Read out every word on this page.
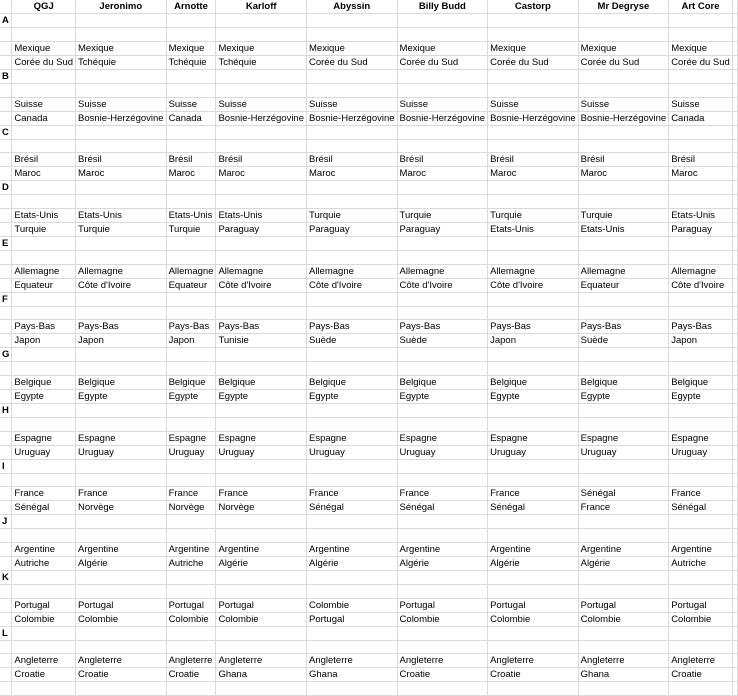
	QGJ	Jeronimo	Arnotte	Karloff	Abyssin	Billy Budd	Castorp	Mr Degryse	Art Core	
A										

	Mexique	Mexique	Mexique	Mexique	Mexique	Mexique	Mexique	Mexique	Mexique	
	Corée du Sud	Tchéquie	Tchéquie	Tchéquie	Corée du Sud	Corée du Sud	Corée du Sud	Corée du Sud	Corée du Sud	
B										

	Suisse	Suisse	Suisse	Suisse	Suisse	Suisse	Suisse	Suisse	Suisse	
	Canada	Bosnie-Herzégovine	Canada	Bosnie-Herzégovine	Bosnie-Herzégovine	Bosnie-Herzégovine	Bosnie-Herzégovine	Bosnie-Herzégovine	Canada	
C										

	Brésil	Brésil	Brésil	Brésil	Brésil	Brésil	Brésil	Brésil	Brésil	
	Maroc	Maroc	Maroc	Maroc	Maroc	Maroc	Maroc	Maroc	Maroc	
D										

	Etats-Unis	Etats-Unis	Etats-Unis	Etats-Unis	Turquie	Turquie	Turquie	Turquie	Etats-Unis	
	Turquie	Turquie	Turquie	Paraguay	Paraguay	Paraguay	Etats-Unis	Etats-Unis	Paraguay	
E										

	Allemagne	Allemagne	Allemagne	Allemagne	Allemagne	Allemagne	Allemagne	Allemagne	Allemagne	
	Equateur	Côte d'Ivoire	Equateur	Côte d'Ivoire	Côte d'Ivoire	Côte d'Ivoire	Côte d'Ivoire	Equateur	Côte d'Ivoire	
F										

	Pays-Bas	Pays-Bas	Pays-Bas	Pays-Bas	Pays-Bas	Pays-Bas	Pays-Bas	Pays-Bas	Pays-Bas	
	Japon	Japon	Japon	Tunisie	Suède	Suède	Japon	Suède	Japon	
G										

	Belgique	Belgique	Belgique	Belgique	Belgique	Belgique	Belgique	Belgique	Belgique	
	Egypte	Egypte	Egypte	Egypte	Egypte	Egypte	Egypte	Egypte	Egypte	
H										

	Espagne	Espagne	Espagne	Espagne	Espagne	Espagne	Espagne	Espagne	Espagne	
	Uruguay	Uruguay	Uruguay	Uruguay	Uruguay	Uruguay	Uruguay	Uruguay	Uruguay	
I										

	France	France	France	France	France	France	France	Sénégal	France	
	Sénégal	Norvège	Norvège	Norvège	Sénégal	Sénégal	Sénégal	France	Sénégal	
J										

	Argentine	Argentine	Argentine	Argentine	Argentine	Argentine	Argentine	Argentine	Argentine	
	Autriche	Algérie	Autriche	Algérie	Algérie	Algérie	Algérie	Algérie	Autriche	
K										

	Portugal	Portugal	Portugal	Portugal	Colombie	Portugal	Portugal	Portugal	Portugal	
	Colombie	Colombie	Colombie	Colombie	Portugal	Colombie	Colombie	Colombie	Colombie	
L										

	Angleterre	Angleterre	Angleterre	Angleterre	Angleterre	Angleterre	Angleterre	Angleterre	Angleterre	
	Croatie	Croatie	Croatie	Ghana	Ghana	Croatie	Croatie	Ghana	Croatie	
